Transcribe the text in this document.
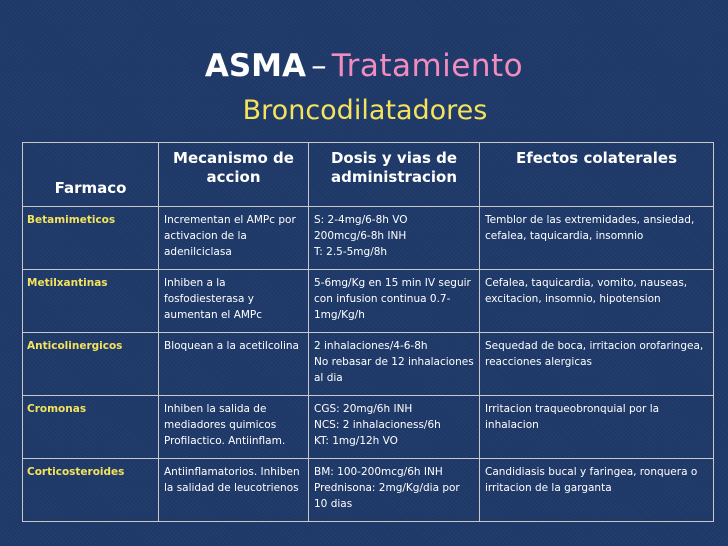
ASMA – Tratamiento
Broncodilatadores
Farmaco	Mecanismo de accion	Dosis y vias de administracion	Efectos colaterales
Betamimeticos	Incrementan el AMPc por activacion de la adenilciclasa	S: 2-4mg/6-8h VO
200mcg/6-8h INH
T: 2.5-5mg/8h	Temblor de las extremidades, ansiedad, cefalea, taquicardia, insomnio

Metilxantinas	Inhiben a la fosfodiesterasa y aumentan el AMPc	5-6mg/Kg en 15 min IV seguir con infusion continua 0.7-1mg/Kg/h	Cefalea, taquicardia, vomito, nauseas, excitacion, insomnio, hipotension

Anticolinergicos	Bloquean a la acetilcolina	2 inhalaciones/4-6-8h
No rebasar de 12 inhalaciones al dia	Sequedad de boca, irritacion orofaringea, reacciones alergicas

Cromonas	Inhiben la salida de mediadores quimicos
Profilactico. Antiinflam.	CGS: 20mg/6h INH
NCS: 2 inhalacioness/6h
KT: 1mg/12h VO	Irritacion traqueobronquial por la inhalacion

Corticosteroides	Antiinflamatorios. Inhiben la salidad de leucotrienos	BM: 100-200mcg/6h INH
Prednisona: 2mg/Kg/dia por 10 dias	Candidiasis bucal y faringea, ronquera o irritacion de la garganta
